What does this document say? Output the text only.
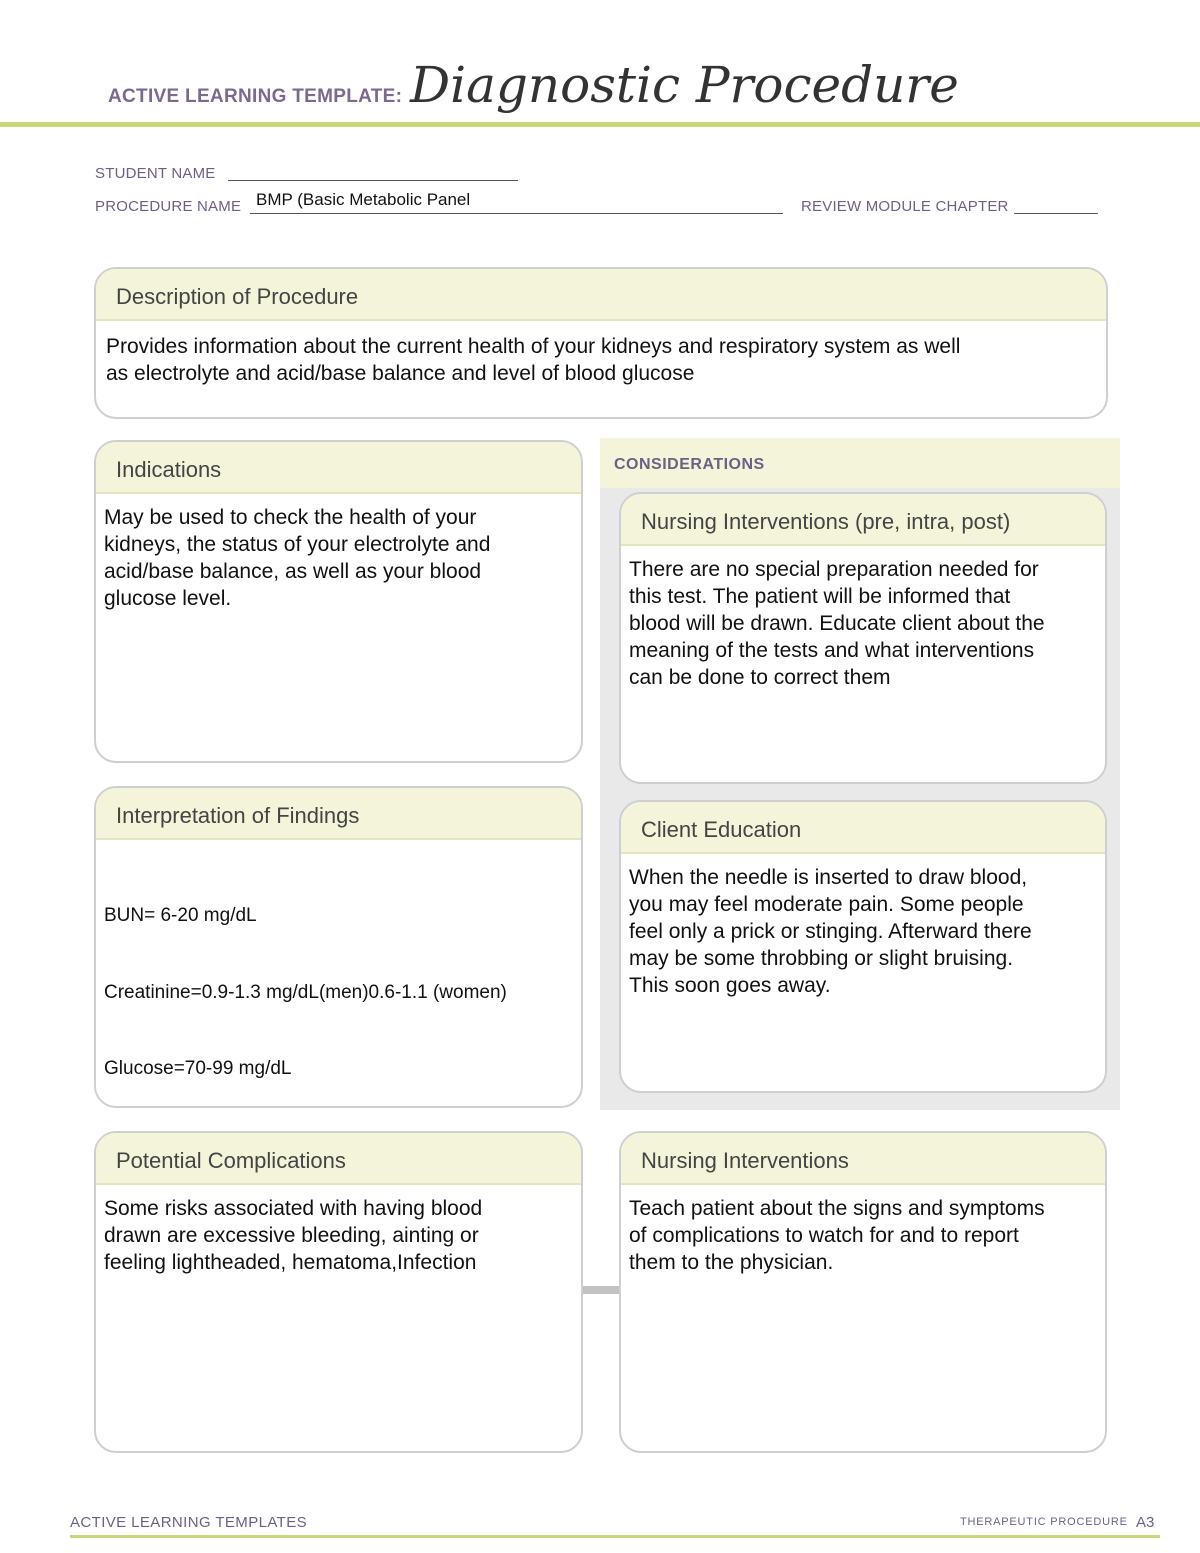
ACTIVE LEARNING TEMPLATE: Diagnostic Procedure
STUDENT NAME
PROCEDURE NAME BMP (Basic Metabolic Panel	REVIEW MODULE CHAPTER
Description of Procedure
Provides information about the current health of your kidneys and respiratory system as well
as electrolyte and acid/base balance and level of blood glucose
Indications
May be used to check the health of your
kidneys, the status of your electrolyte and
acid/base balance, as well as your blood
glucose level.
Interpretation of Findings

BUN= 6-20 mg/dL

Creatinine=0.9-1.3 mg/dL(men)0.6-1.1 (women)

Glucose=70-99 mg/dL

CONSIDERATIONS
Nursing Interventions (pre, intra, post)
There are no special preparation needed for
this test. The patient will be informed that
blood will be drawn. Educate client about the
meaning of the tests and what interventions
can be done to correct them
Client Education
When the needle is inserted to draw blood,
you may feel moderate pain. Some people
feel only a prick or stinging. Afterward there
may be some throbbing or slight bruising.
This soon goes away.
Potential Complications
Some risks associated with having blood
drawn are excessive bleeding, ainting or
feeling lightheaded, hematoma,Infection
Nursing Interventions
Teach patient about the signs and symptoms
of complications to watch for and to report
them to the physician.
ACTIVE LEARNING TEMPLATES	THERAPEUTIC PROCEDURE A3
